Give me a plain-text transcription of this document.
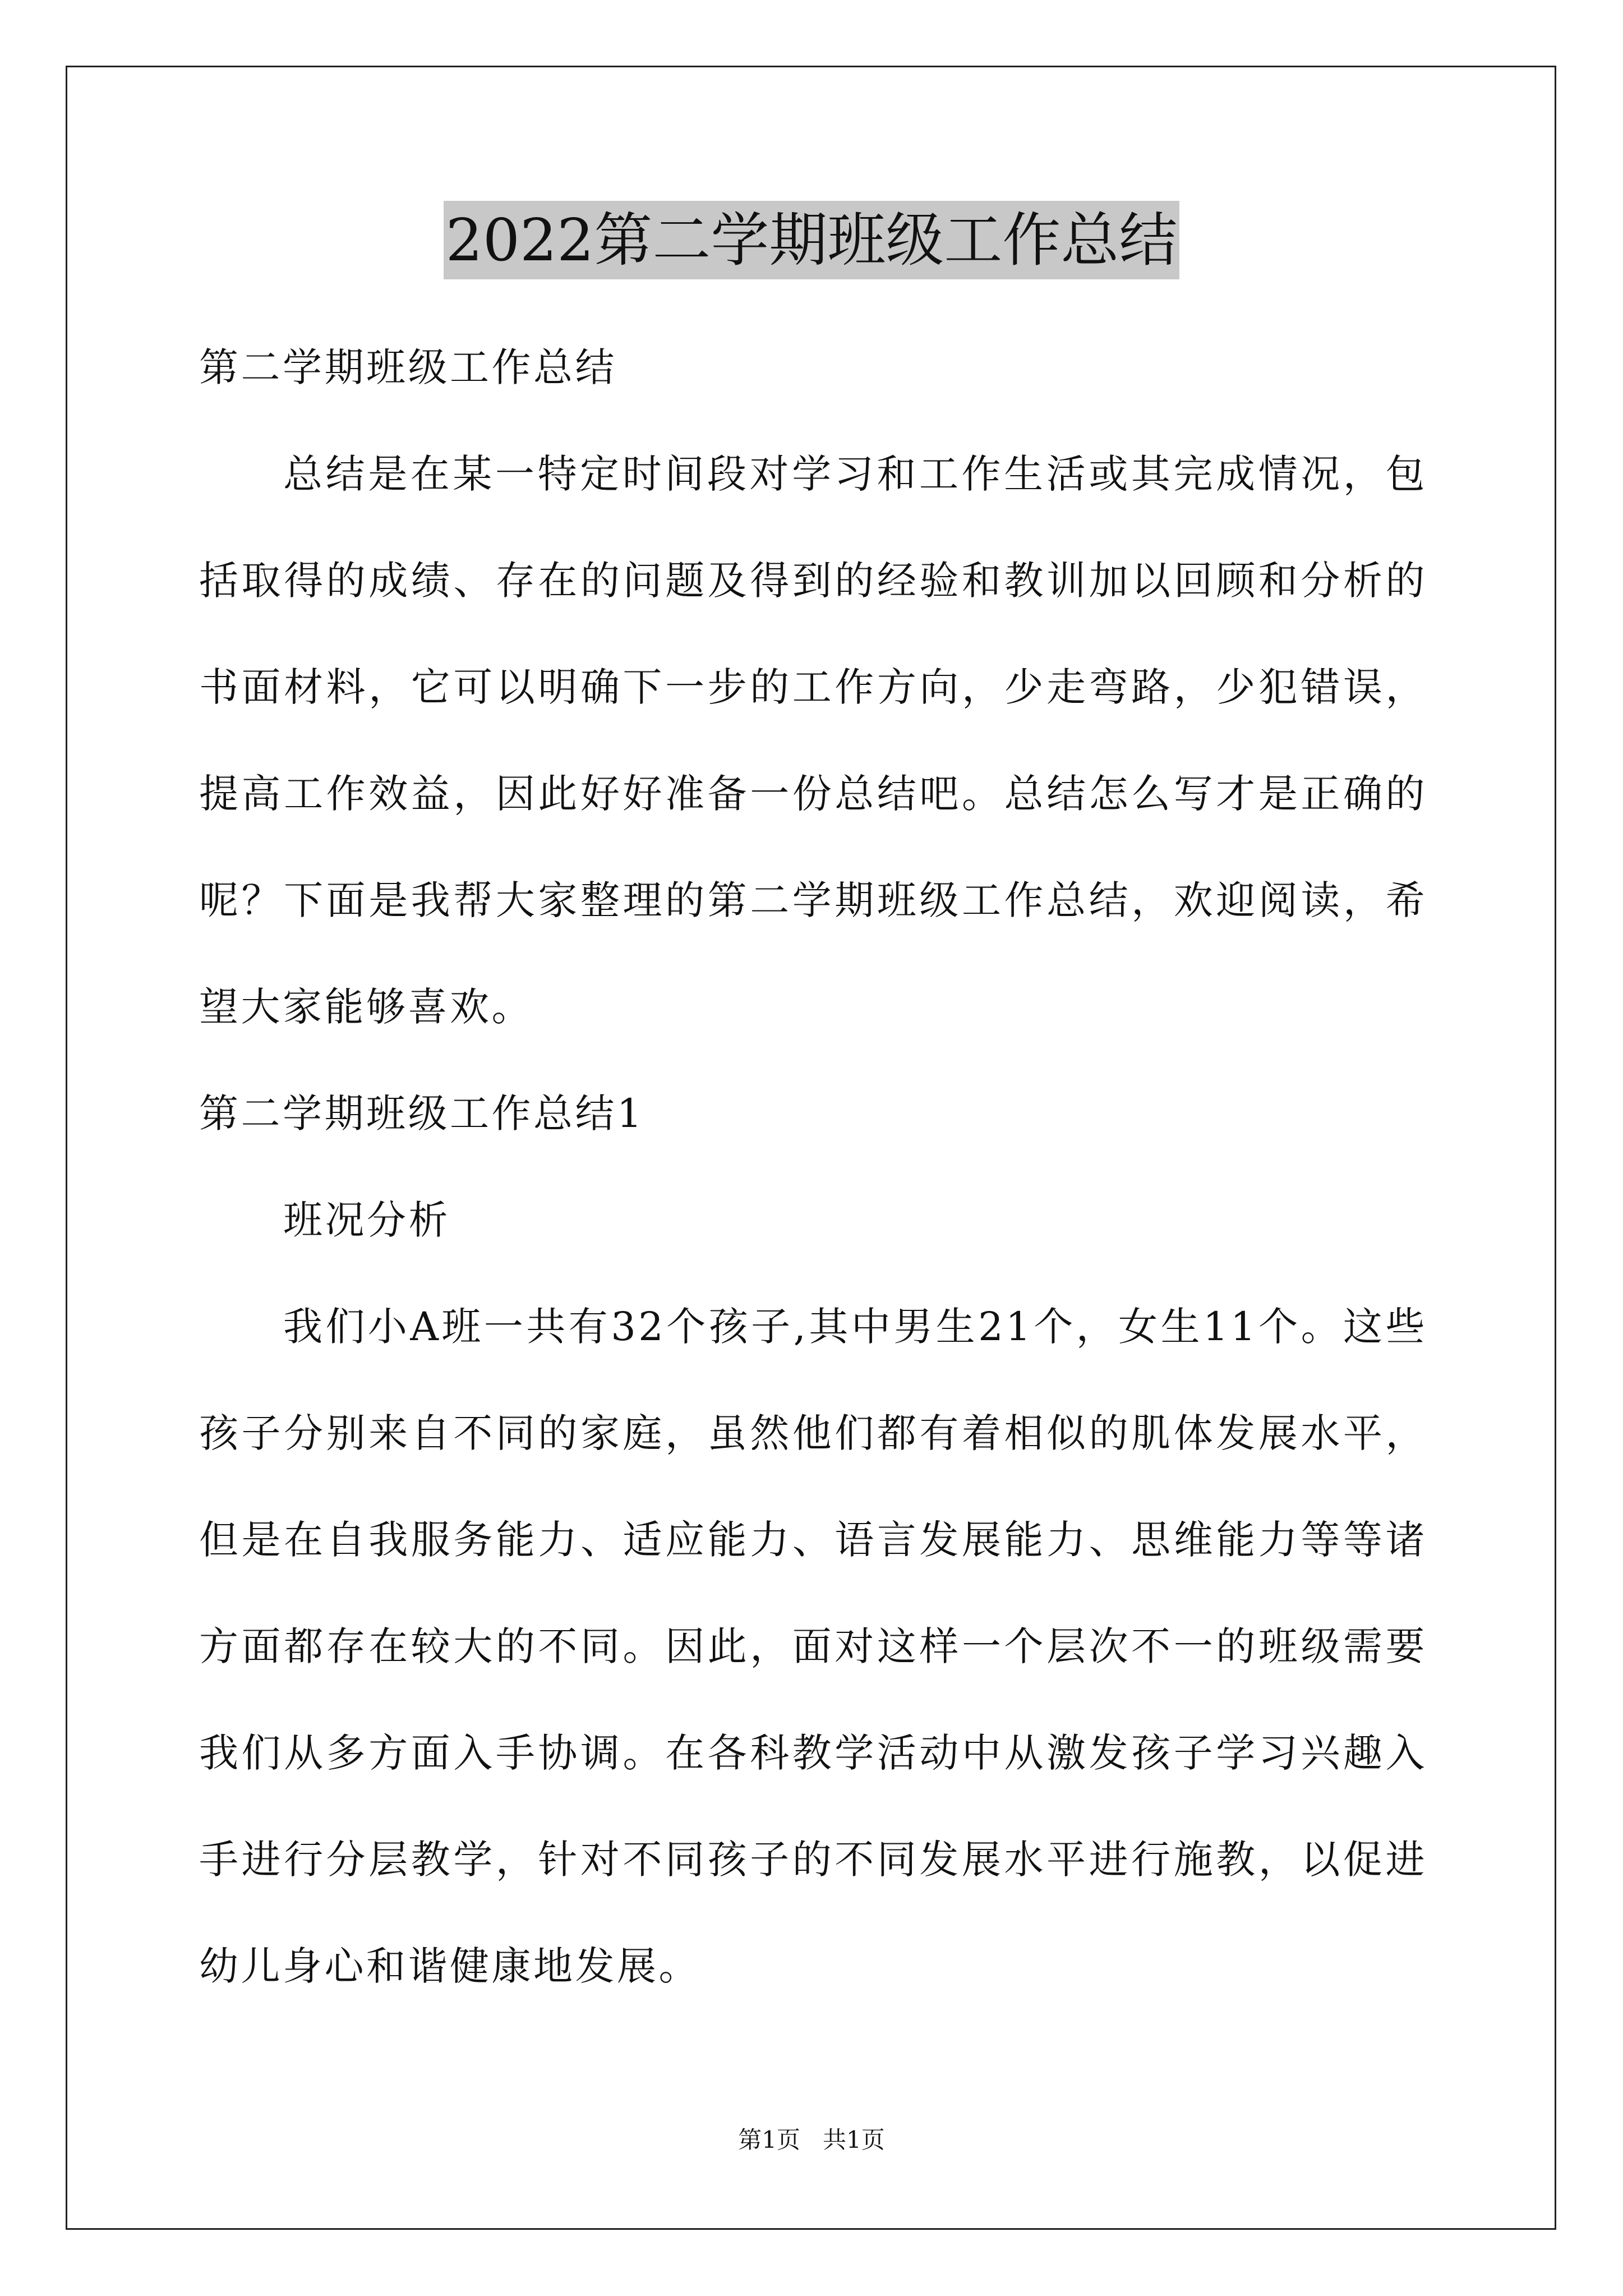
2022第二学期班级工作总结

第二学期班级工作总结

总结是在某一特定时间段对学习和工作生活或其完成情况，包括取得的成绩、存在的问题及得到的经验和教训加以回顾和分析的书面材料，它可以明确下一步的工作方向，少走弯路，少犯错误，提高工作效益，因此好好准备一份总结吧。总结怎么写才是正确的呢？下面是我帮大家整理的第二学期班级工作总结，欢迎阅读，希望大家能够喜欢。

第二学期班级工作总结1

班况分析

我们小A班一共有32个孩子,其中男生21个，女生11个。这些孩子分别来自不同的家庭，虽然他们都有着相似的肌体发展水平，但是在自我服务能力、适应能力、语言发展能力、思维能力等等诸方面都存在较大的不同。因此，面对这样一个层次不一的班级需要我们从多方面入手协调。在各科教学活动中从激发孩子学习兴趣入手进行分层教学，针对不同孩子的不同发展水平进行施教，以促进幼儿身心和谐健康地发展。

第1页   共1页
